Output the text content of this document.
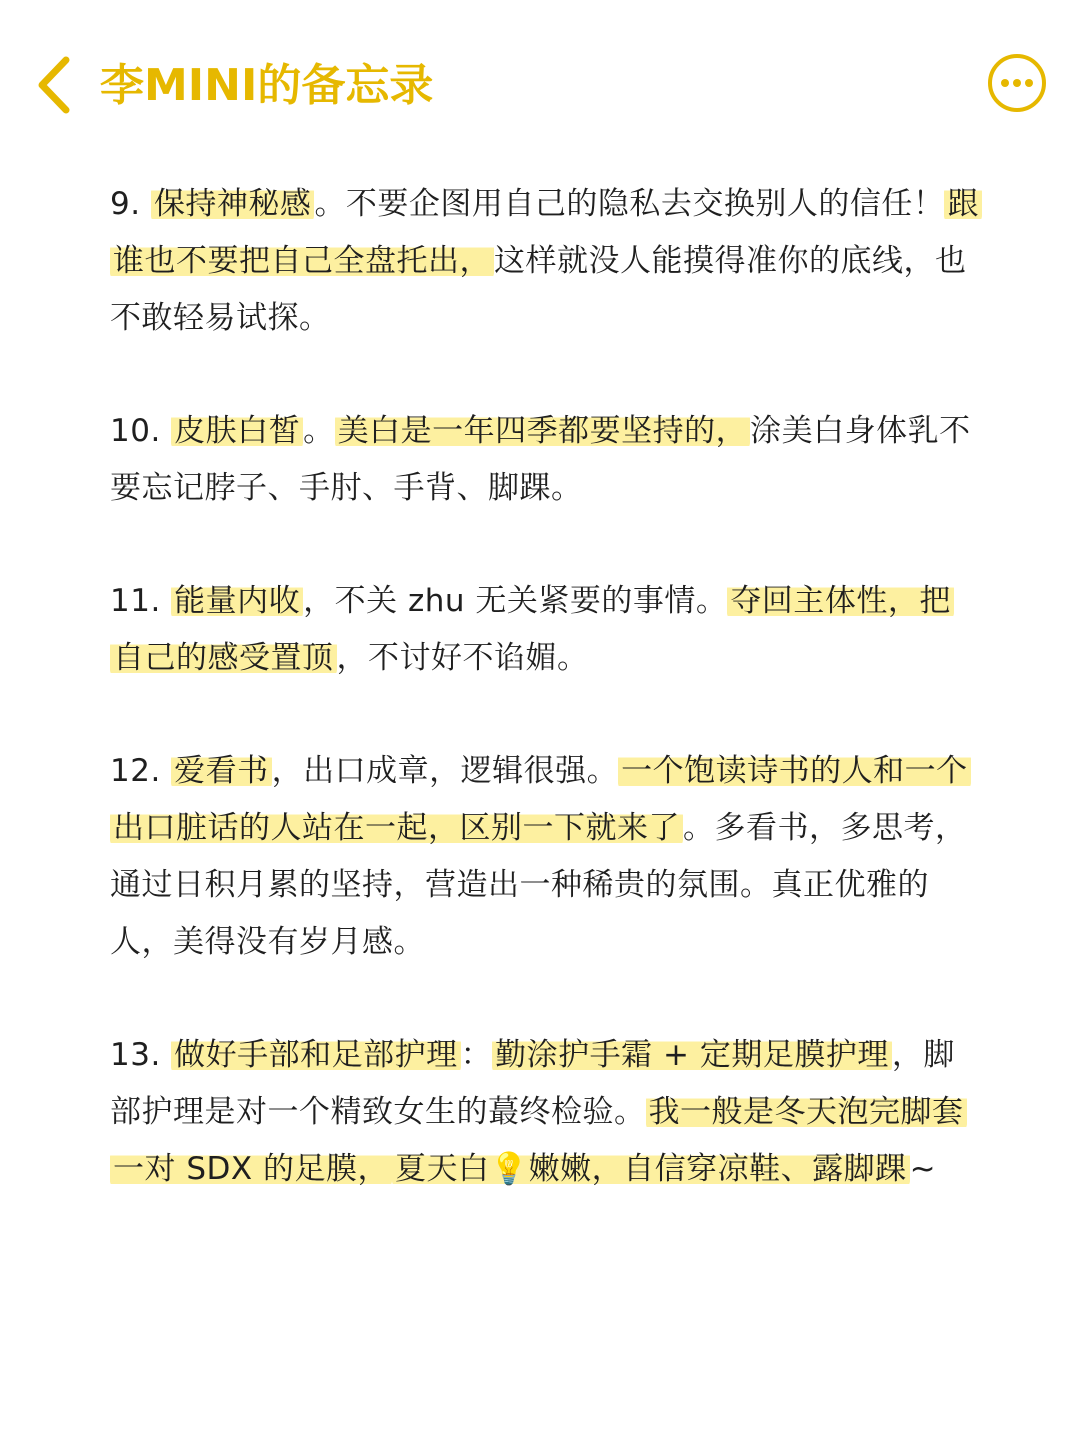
李MINI的备忘录

9. 保持神秘感。不要企图用自己的隐私去交换别人的信任！跟谁也不要把自己全盘托出，这样就没人能摸得准你的底线，也不敢轻易试探。

10. 皮肤白皙。美白是一年四季都要坚持的，涂美白身体乳不要忘记脖子、手肘、手背、脚踝。

11. 能量内收，不关 zhu 无关紧要的事情。夺回主体性，把自己的感受置顶，不讨好不谄媚。

12. 爱看书，出口成章，逻辑很强。一个饱读诗书的人和一个出口脏话的人站在一起，区别一下就来了。多看书，多思考，通过日积月累的坚持，营造出一种稀贵的氛围。真正优雅的人，美得没有岁月感。

13. 做好手部和足部护理：勤涂护手霜 + 定期足膜护理，脚部护理是对一个精致女生的蕞终检验。我一般是冬天泡完脚套一对 SDX 的足膜， 夏天白💡嫩嫩，自信穿凉鞋、露脚踝~
